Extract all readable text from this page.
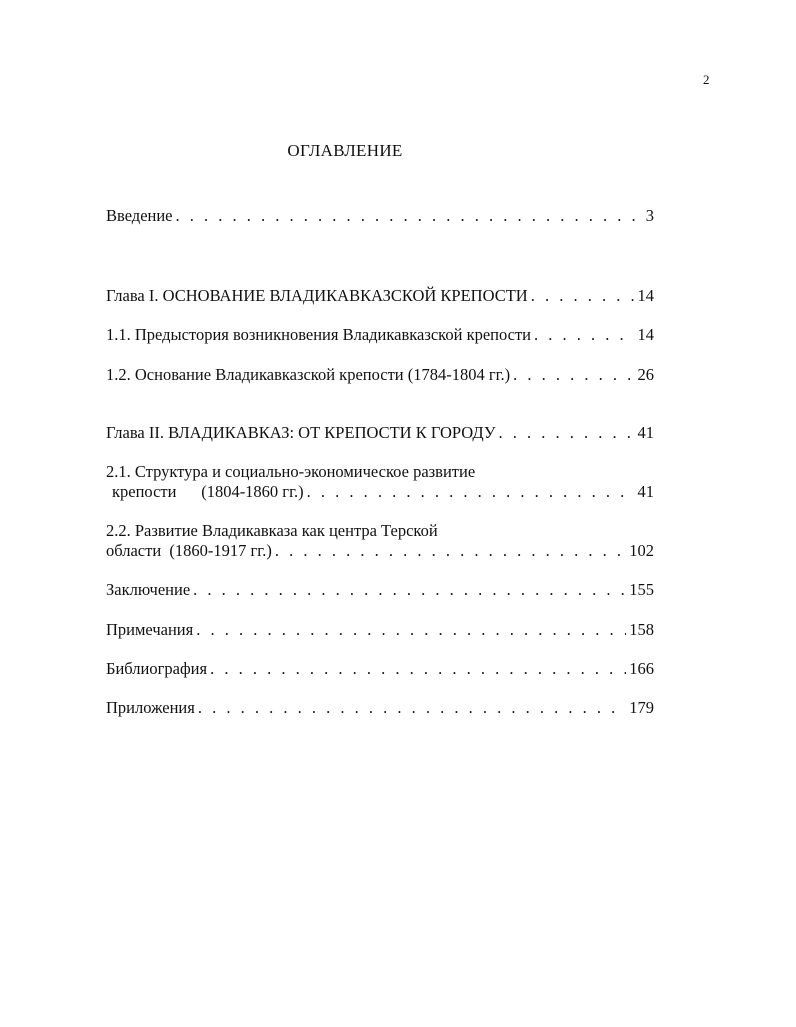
2
ОГЛАВЛЕНИЕ
Введение . . .	3
Глава I. ОСНОВАНИЕ ВЛАДИКАВКАЗСКОЙ КРЕПОСТИ . . .	14
1.1. Предыстория возникновения Владикавказской крепости . . .	14
1.2. Основание Владикавказской крепости (1784-1804 гг.) . . .	26
Глава II. ВЛАДИКАВКАЗ: ОТ КРЕПОСТИ К ГОРОДУ . . .	41
2.1. Структура и социально-экономическое развитие
крепости      (1804-1860 гг.) . . .	41
2.2. Развитие Владикавказа как центра Терской
области  (1860-1917 гг.) . . .	102
Заключение . . .	155
Примечания . . .	158
Библиография . . .	166
Приложения . . .	179
